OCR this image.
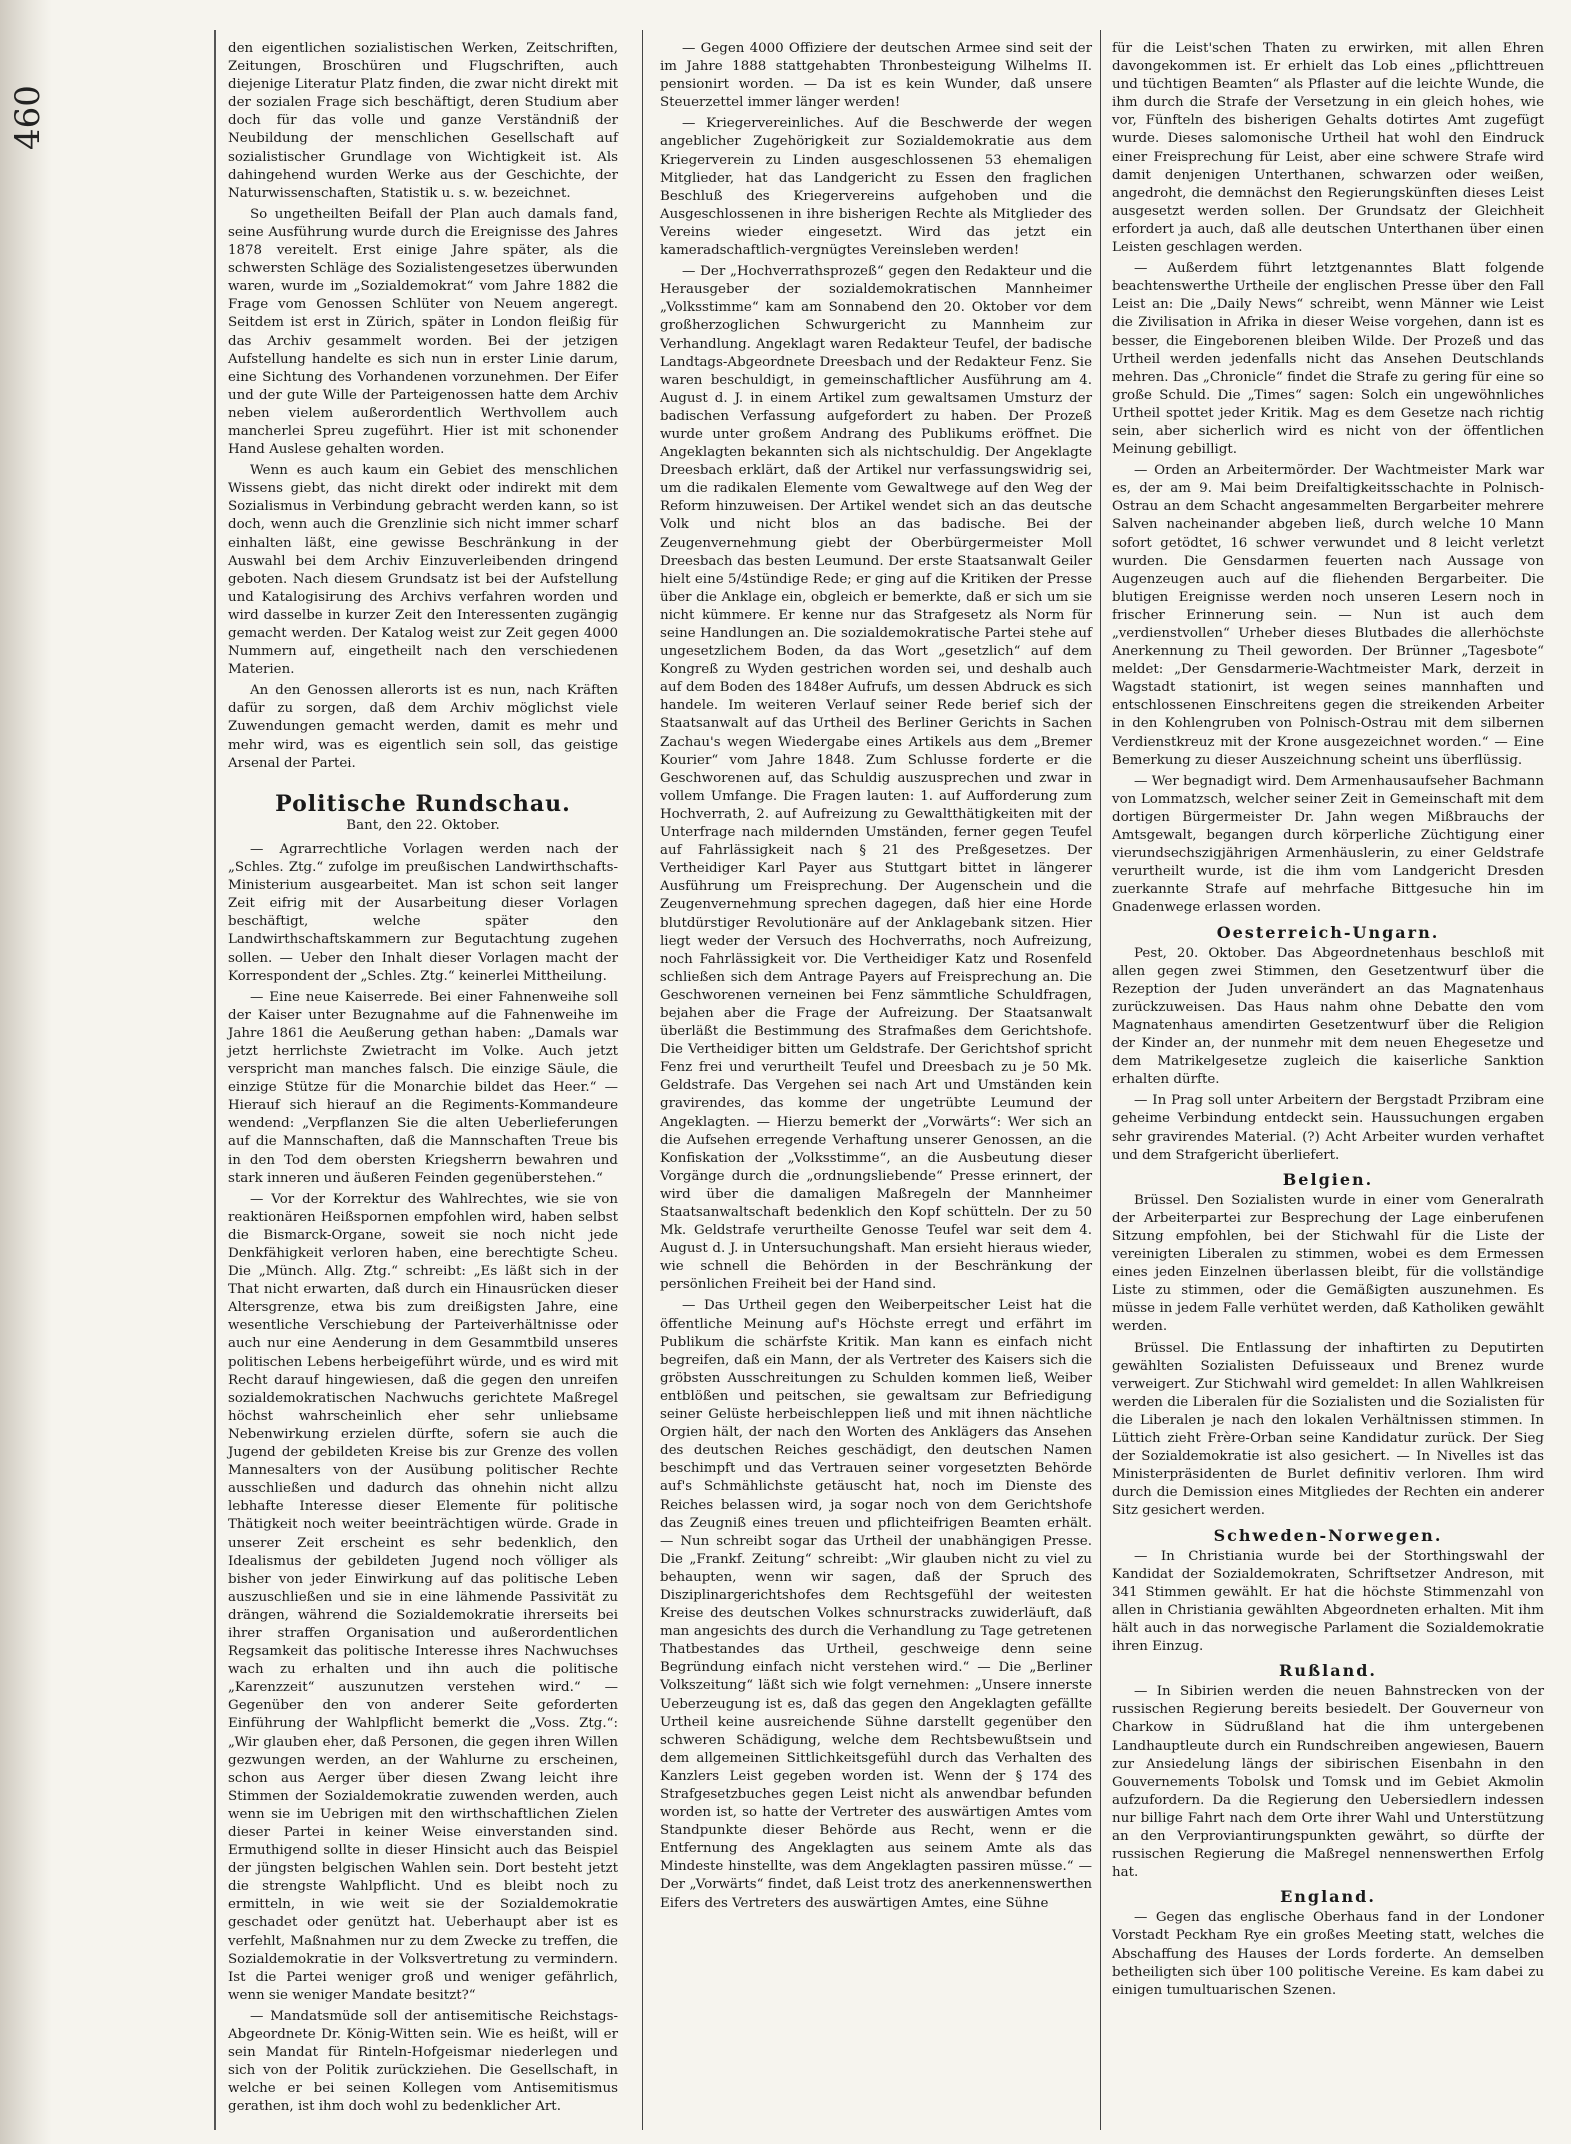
460

den eigentlichen sozialistischen Werken, Zeitschriften, Zeitungen, Broschüren und Flugschriften, auch diejenige Literatur Platz finden, die zwar nicht direkt mit der sozialen Frage sich beschäftigt, deren Studium aber doch für das volle und ganze Verständniß der Neubildung der menschlichen Gesellschaft auf sozialistischer Grundlage von Wichtigkeit ist. Als dahingehend wurden Werke aus der Geschichte, der Naturwissenschaften, Statistik u. s. w. bezeichnet.

So ungetheilten Beifall der Plan auch damals fand, seine Ausführung wurde durch die Ereignisse des Jahres 1878 vereitelt. Erst einige Jahre später, als die schwersten Schläge des Sozialistengesetzes überwunden waren, wurde im „Sozialdemokrat“ vom Jahre 1882 die Frage vom Genossen Schlüter von Neuem angeregt. Seitdem ist erst in Zürich, später in London fleißig für das Archiv gesammelt worden. Bei der jetzigen Aufstellung handelte es sich nun in erster Linie darum, eine Sichtung des Vorhandenen vorzunehmen. Der Eifer und der gute Wille der Parteigenossen hatte dem Archiv neben vielem außerordentlich Werthvollem auch mancherlei Spreu zugeführt. Hier ist mit schonender Hand Auslese gehalten worden.

Wenn es auch kaum ein Gebiet des menschlichen Wissens giebt, das nicht direkt oder indirekt mit dem Sozialismus in Verbindung gebracht werden kann, so ist doch, wenn auch die Grenzlinie sich nicht immer scharf einhalten läßt, eine gewisse Beschränkung in der Auswahl bei dem Archiv Einzuverleibenden dringend geboten. Nach diesem Grundsatz ist bei der Aufstellung und Katalogisirung des Archivs verfahren worden und wird dasselbe in kurzer Zeit den Interessenten zugängig gemacht werden. Der Katalog weist zur Zeit gegen 4000 Nummern auf, eingetheilt nach den verschiedenen Materien.

An den Genossen allerorts ist es nun, nach Kräften dafür zu sorgen, daß dem Archiv möglichst viele Zuwendungen gemacht werden, damit es mehr und mehr wird, was es eigentlich sein soll, das geistige Arsenal der Partei.

Politische Rundschau.
Bant, den 22. Oktober.

— Agrarrechtliche Vorlagen werden nach der „Schles. Ztg.“ zufolge im preußischen Landwirthschafts-Ministerium ausgearbeitet. Man ist schon seit langer Zeit eifrig mit der Ausarbeitung dieser Vorlagen beschäftigt, welche später den Landwirthschaftskammern zur Begutachtung zugehen sollen. — Ueber den Inhalt dieser Vorlagen macht der Korrespondent der „Schles. Ztg.“ keinerlei Mittheilung.

— Eine neue Kaiserrede. Bei einer Fahnenweihe soll der Kaiser unter Bezugnahme auf die Fahnenweihe im Jahre 1861 die Aeußerung gethan haben: „Damals war jetzt herrlichste Zwietracht im Volke. Auch jetzt verspricht man manches falsch. Die einzige Säule, die einzige Stütze für die Monarchie bildet das Heer.“ — Hierauf sich hierauf an die Regiments-Kommandeure wendend: „Verpflanzen Sie die alten Ueberlieferungen auf die Mannschaften, daß die Mannschaften Treue bis in den Tod dem obersten Kriegsherrn bewahren und stark inneren und äußeren Feinden gegenüberstehen.“

— Vor der Korrektur des Wahlrechtes, wie sie von reaktionären Heißspornen empfohlen wird, haben selbst die Bismarck-Organe, soweit sie noch nicht jede Denkfähigkeit verloren haben, eine berechtigte Scheu. Die „Münch. Allg. Ztg.“ schreibt: „Es läßt sich in der That nicht erwarten, daß durch ein Hinausrücken dieser Altersgrenze, etwa bis zum dreißigsten Jahre, eine wesentliche Verschiebung der Parteiverhältnisse oder auch nur eine Aenderung in dem Gesammtbild unseres politischen Lebens herbeigeführt würde, und es wird mit Recht darauf hingewiesen, daß die gegen den unreifen sozialdemokratischen Nachwuchs gerichtete Maßregel höchst wahrscheinlich eher sehr unliebsame Nebenwirkung erzielen dürfte, sofern sie auch die Jugend der gebildeten Kreise bis zur Grenze des vollen Mannesalters von der Ausübung politischer Rechte ausschließen und dadurch das ohnehin nicht allzu lebhafte Interesse dieser Elemente für politische Thätigkeit noch weiter beeinträchtigen würde. Grade in unserer Zeit erscheint es sehr bedenklich, den Idealismus der gebildeten Jugend noch völliger als bisher von jeder Einwirkung auf das politische Leben auszuschließen und sie in eine lähmende Passivität zu drängen, während die Sozialdemokratie ihrerseits bei ihrer straffen Organisation und außerordentlichen Regsamkeit das politische Interesse ihres Nachwuchses wach zu erhalten und ihn auch die politische „Karenzzeit“ auszunutzen verstehen wird.“ — Gegenüber den von anderer Seite geforderten Einführung der Wahlpflicht bemerkt die „Voss. Ztg.“: „Wir glauben eher, daß Personen, die gegen ihren Willen gezwungen werden, an der Wahlurne zu erscheinen, schon aus Aerger über diesen Zwang leicht ihre Stimmen der Sozialdemokratie zuwenden werden, auch wenn sie im Uebrigen mit den wirthschaftlichen Zielen dieser Partei in keiner Weise einverstanden sind. Ermuthigend sollte in dieser Hinsicht auch das Beispiel der jüngsten belgischen Wahlen sein. Dort besteht jetzt die strengste Wahlpflicht. Und es bleibt noch zu ermitteln, in wie weit sie der Sozialdemokratie geschadet oder genützt hat. Ueberhaupt aber ist es verfehlt, Maßnahmen nur zu dem Zwecke zu treffen, die Sozialdemokratie in der Volksvertretung zu vermindern. Ist die Partei weniger groß und weniger gefährlich, wenn sie weniger Mandate besitzt?“

— Mandatsmüde soll der antisemitische Reichstags-Abgeordnete Dr. König-Witten sein. Wie es heißt, will er sein Mandat für Rinteln-Hofgeismar niederlegen und sich von der Politik zurückziehen. Die Gesellschaft, in welche er bei seinen Kollegen vom Antisemitismus gerathen, ist ihm doch wohl zu bedenklicher Art.

— Gegen 4000 Offiziere der deutschen Armee sind seit der im Jahre 1888 stattgehabten Thronbesteigung Wilhelms II. pensionirt worden. — Da ist es kein Wunder, daß unsere Steuerzettel immer länger werden!

— Kriegervereinliches. Auf die Beschwerde der wegen angeblicher Zugehörigkeit zur Sozialdemokratie aus dem Kriegerverein zu Linden ausgeschlossenen 53 ehemaligen Mitglieder, hat das Landgericht zu Essen den fraglichen Beschluß des Kriegervereins aufgehoben und die Ausgeschlossenen in ihre bisherigen Rechte als Mitglieder des Vereins wieder eingesetzt. Wird das jetzt ein kameradschaftlich-vergnügtes Vereinsleben werden!

— Der „Hochverrathsprozeß“ gegen den Redakteur und die Herausgeber der sozialdemokratischen Mannheimer „Volksstimme“ kam am Sonnabend den 20. Oktober vor dem großherzoglichen Schwurgericht zu Mannheim zur Verhandlung. Angeklagt waren Redakteur Teufel, der badische Landtags-Abgeordnete Dreesbach und der Redakteur Fenz. Sie waren beschuldigt, in gemeinschaftlicher Ausführung am 4. August d. J. in einem Artikel zum gewaltsamen Umsturz der badischen Verfassung aufgefordert zu haben. Der Prozeß wurde unter großem Andrang des Publikums eröffnet. Die Angeklagten bekannten sich als nichtschuldig. Der Angeklagte Dreesbach erklärt, daß der Artikel nur verfassungswidrig sei, um die radikalen Elemente vom Gewaltwege auf den Weg der Reform hinzuweisen. Der Artikel wendet sich an das deutsche Volk und nicht blos an das badische. Bei der Zeugenvernehmung giebt der Oberbürgermeister Moll Dreesbach das besten Leumund. Der erste Staatsanwalt Geiler hielt eine 5/4stündige Rede; er ging auf die Kritiken der Presse über die Anklage ein, obgleich er bemerkte, daß er sich um sie nicht kümmere. Er kenne nur das Strafgesetz als Norm für seine Handlungen an. Die sozialdemokratische Partei stehe auf ungesetzlichem Boden, da das Wort „gesetzlich“ auf dem Kongreß zu Wyden gestrichen worden sei, und deshalb auch auf dem Boden des 1848er Aufrufs, um dessen Abdruck es sich handele. Im weiteren Verlauf seiner Rede berief sich der Staatsanwalt auf das Urtheil des Berliner Gerichts in Sachen Zachau's wegen Wiedergabe eines Artikels aus dem „Bremer Kourier“ vom Jahre 1848. Zum Schlusse forderte er die Geschworenen auf, das Schuldig auszusprechen und zwar in vollem Umfange. Die Fragen lauten: 1. auf Aufforderung zum Hochverrath, 2. auf Aufreizung zu Gewaltthätigkeiten mit der Unterfrage nach mildernden Umständen, ferner gegen Teufel auf Fahrlässigkeit nach § 21 des Preßgesetzes. Der Vertheidiger Karl Payer aus Stuttgart bittet in längerer Ausführung um Freisprechung. Der Augenschein und die Zeugenvernehmung sprechen dagegen, daß hier eine Horde blutdürstiger Revolutionäre auf der Anklagebank sitzen. Hier liegt weder der Versuch des Hochverraths, noch Aufreizung, noch Fahrlässigkeit vor. Die Vertheidiger Katz und Rosenfeld schließen sich dem Antrage Payers auf Freisprechung an. Die Geschworenen verneinen bei Fenz sämmtliche Schuldfragen, bejahen aber die Frage der Aufreizung. Der Staatsanwalt überläßt die Bestimmung des Strafmaßes dem Gerichtshofe. Die Vertheidiger bitten um Geldstrafe. Der Gerichtshof spricht Fenz frei und verurtheilt Teufel und Dreesbach zu je 50 Mk. Geldstrafe. Das Vergehen sei nach Art und Umständen kein gravirendes, das komme der ungetrübte Leumund der Angeklagten. — Hierzu bemerkt der „Vorwärts“: Wer sich an die Aufsehen erregende Verhaftung unserer Genossen, an die Konfiskation der „Volksstimme“, an die Ausbeutung dieser Vorgänge durch die „ordnungsliebende“ Presse erinnert, der wird über die damaligen Maßregeln der Mannheimer Staatsanwaltschaft bedenklich den Kopf schütteln. Der zu 50 Mk. Geldstrafe verurtheilte Genosse Teufel war seit dem 4. August d. J. in Untersuchungshaft. Man ersieht hieraus wieder, wie schnell die Behörden in der Beschränkung der persönlichen Freiheit bei der Hand sind.

— Das Urtheil gegen den Weiberpeitscher Leist hat die öffentliche Meinung auf's Höchste erregt und erfährt im Publikum die schärfste Kritik. Man kann es einfach nicht begreifen, daß ein Mann, der als Vertreter des Kaisers sich die gröbsten Ausschreitungen zu Schulden kommen ließ, Weiber entblößen und peitschen, sie gewaltsam zur Befriedigung seiner Gelüste herbeischleppen ließ und mit ihnen nächtliche Orgien hält, der nach den Worten des Anklägers das Ansehen des deutschen Reiches geschädigt, den deutschen Namen beschimpft und das Vertrauen seiner vorgesetzten Behörde auf's Schmählichste getäuscht hat, noch im Dienste des Reiches belassen wird, ja sogar noch von dem Gerichtshofe das Zeugniß eines treuen und pflichteifrigen Beamten erhält. — Nun schreibt sogar das Urtheil der unabhängigen Presse. Die „Frankf. Zeitung“ schreibt: „Wir glauben nicht zu viel zu behaupten, wenn wir sagen, daß der Spruch des Disziplinargerichtshofes dem Rechtsgefühl der weitesten Kreise des deutschen Volkes schnurstracks zuwiderläuft, daß man angesichts des durch die Verhandlung zu Tage getretenen Thatbestandes das Urtheil, geschweige denn seine Begründung einfach nicht verstehen wird.“ — Die „Berliner Volkszeitung“ läßt sich wie folgt vernehmen: „Unsere innerste Ueberzeugung ist es, daß das gegen den Angeklagten gefällte Urtheil keine ausreichende Sühne darstellt gegenüber den schweren Schädigung, welche dem Rechtsbewußtsein und dem allgemeinen Sittlichkeitsgefühl durch das Verhalten des Kanzlers Leist gegeben worden ist. Wenn der § 174 des Strafgesetzbuches gegen Leist nicht als anwendbar befunden worden ist, so hatte der Vertreter des auswärtigen Amtes vom Standpunkte dieser Behörde aus Recht, wenn er die Entfernung des Angeklagten aus seinem Amte als das Mindeste hinstellte, was dem Angeklagten passiren müsse.“ — Der „Vorwärts“ findet, daß Leist trotz des anerkennenswerthen Eifers des Vertreters des auswärtigen Amtes, eine Sühne

für die Leist'schen Thaten zu erwirken, mit allen Ehren davongekommen ist. Er erhielt das Lob eines „pflichttreuen und tüchtigen Beamten“ als Pflaster auf die leichte Wunde, die ihm durch die Strafe der Versetzung in ein gleich hohes, wie vor, Fünfteln des bisherigen Gehalts dotirtes Amt zugefügt wurde. Dieses salomonische Urtheil hat wohl den Eindruck einer Freisprechung für Leist, aber eine schwere Strafe wird damit denjenigen Unterthanen, schwarzen oder weißen, angedroht, die demnächst den Regierungskünften dieses Leist ausgesetzt werden sollen. Der Grundsatz der Gleichheit erfordert ja auch, daß alle deutschen Unterthanen über einen Leisten geschlagen werden.

— Außerdem führt letztgenanntes Blatt folgende beachtenswerthe Urtheile der englischen Presse über den Fall Leist an: Die „Daily News“ schreibt, wenn Männer wie Leist die Zivilisation in Afrika in dieser Weise vorgehen, dann ist es besser, die Eingeborenen bleiben Wilde. Der Prozeß und das Urtheil werden jedenfalls nicht das Ansehen Deutschlands mehren. Das „Chronicle“ findet die Strafe zu gering für eine so große Schuld. Die „Times“ sagen: Solch ein ungewöhnliches Urtheil spottet jeder Kritik. Mag es dem Gesetze nach richtig sein, aber sicherlich wird es nicht von der öffentlichen Meinung gebilligt.

— Orden an Arbeitermörder. Der Wachtmeister Mark war es, der am 9. Mai beim Dreifaltigkeitsschachte in Polnisch-Ostrau an dem Schacht angesammelten Bergarbeiter mehrere Salven nacheinander abgeben ließ, durch welche 10 Mann sofort getödtet, 16 schwer verwundet und 8 leicht verletzt wurden. Die Gensdarmen feuerten nach Aussage von Augenzeugen auch auf die fliehenden Bergarbeiter. Die blutigen Ereignisse werden noch unseren Lesern noch in frischer Erinnerung sein. — Nun ist auch dem „verdienstvollen“ Urheber dieses Blutbades die allerhöchste Anerkennung zu Theil geworden. Der Brünner „Tagesbote“ meldet: „Der Gensdarmerie-Wachtmeister Mark, derzeit in Wagstadt stationirt, ist wegen seines mannhaften und entschlossenen Einschreitens gegen die streikenden Arbeiter in den Kohlengruben von Polnisch-Ostrau mit dem silbernen Verdienstkreuz mit der Krone ausgezeichnet worden.“ — Eine Bemerkung zu dieser Auszeichnung scheint uns überflüssig.

— Wer begnadigt wird. Dem Armenhausaufseher Bachmann von Lommatzsch, welcher seiner Zeit in Gemeinschaft mit dem dortigen Bürgermeister Dr. Jahn wegen Mißbrauchs der Amtsgewalt, begangen durch körperliche Züchtigung einer vierundsechszigjährigen Armenhäuslerin, zu einer Geldstrafe verurtheilt wurde, ist die ihm vom Landgericht Dresden zuerkannte Strafe auf mehrfache Bittgesuche hin im Gnadenwege erlassen worden.

Oesterreich-Ungarn.

Pest, 20. Oktober. Das Abgeordnetenhaus beschloß mit allen gegen zwei Stimmen, den Gesetzentwurf über die Rezeption der Juden unverändert an das Magnatenhaus zurückzuweisen. Das Haus nahm ohne Debatte den vom Magnatenhaus amendirten Gesetzentwurf über die Religion der Kinder an, der nunmehr mit dem neuen Ehegesetze und dem Matrikelgesetze zugleich die kaiserliche Sanktion erhalten dürfte.

— In Prag soll unter Arbeitern der Bergstadt Przibram eine geheime Verbindung entdeckt sein. Haussuchungen ergaben sehr gravirendes Material. (?) Acht Arbeiter wurden verhaftet und dem Strafgericht überliefert.

Belgien.

Brüssel. Den Sozialisten wurde in einer vom Generalrath der Arbeiterpartei zur Besprechung der Lage einberufenen Sitzung empfohlen, bei der Stichwahl für die Liste der vereinigten Liberalen zu stimmen, wobei es dem Ermessen eines jeden Einzelnen überlassen bleibt, für die vollständige Liste zu stimmen, oder die Gemäßigten auszunehmen. Es müsse in jedem Falle verhütet werden, daß Katholiken gewählt werden.

Brüssel. Die Entlassung der inhaftirten zu Deputirten gewählten Sozialisten Defuisseaux und Brenez wurde verweigert. Zur Stichwahl wird gemeldet: In allen Wahlkreisen werden die Liberalen für die Sozialisten und die Sozialisten für die Liberalen je nach den lokalen Verhältnissen stimmen. In Lüttich zieht Frère-Orban seine Kandidatur zurück. Der Sieg der Sozialdemokratie ist also gesichert. — In Nivelles ist das Ministerpräsidenten de Burlet definitiv verloren. Ihm wird durch die Demission eines Mitgliedes der Rechten ein anderer Sitz gesichert werden.

Schweden-Norwegen.

— In Christiania wurde bei der Storthingswahl der Kandidat der Sozialdemokraten, Schriftsetzer Andreson, mit 341 Stimmen gewählt. Er hat die höchste Stimmenzahl von allen in Christiania gewählten Abgeordneten erhalten. Mit ihm hält auch in das norwegische Parlament die Sozialdemokratie ihren Einzug.

Rußland.

— In Sibirien werden die neuen Bahnstrecken von der russischen Regierung bereits besiedelt. Der Gouverneur von Charkow in Südrußland hat die ihm untergebenen Landhauptleute durch ein Rundschreiben angewiesen, Bauern zur Ansiedelung längs der sibirischen Eisenbahn in den Gouvernements Tobolsk und Tomsk und im Gebiet Akmolin aufzufordern. Da die Regierung den Uebersiedlern indessen nur billige Fahrt nach dem Orte ihrer Wahl und Unterstützung an den Verproviantirungspunkten gewährt, so dürfte der russischen Regierung die Maßregel nennenswerthen Erfolg hat.

England.

— Gegen das englische Oberhaus fand in der Londoner Vorstadt Peckham Rye ein großes Meeting statt, welches die Abschaffung des Hauses der Lords forderte. An demselben betheiligten sich über 100 politische Vereine. Es kam dabei zu einigen tumultuarischen Szenen.
